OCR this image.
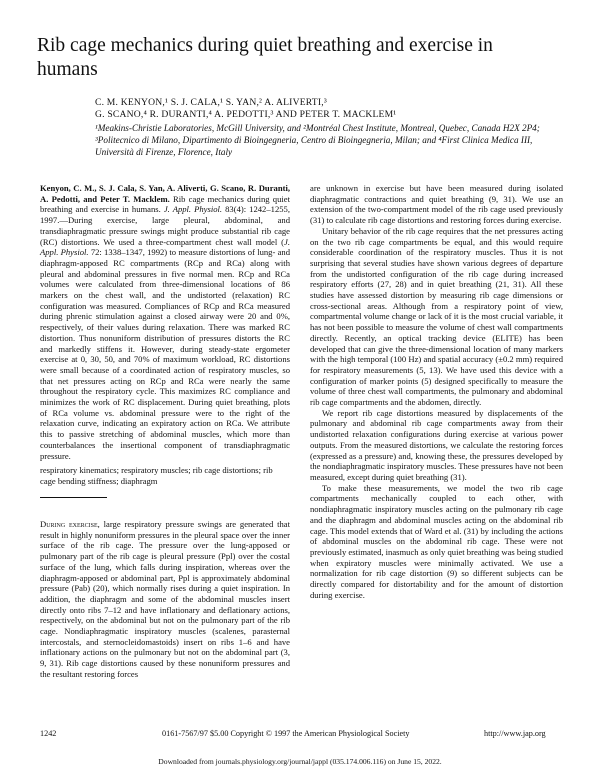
Rib cage mechanics during quiet breathing and exercise in humans
C. M. KENYON,¹ S. J. CALA,¹ S. YAN,² A. ALIVERTI,³
G. SCANO,⁴ R. DURANTI,⁴ A. PEDOTTI,³ AND PETER T. MACKLEM¹
¹Meakins-Christie Laboratories, McGill University, and ²Montréal Chest Institute, Montreal, Quebec, Canada H2X 2P4; ³Politecnico di Milano, Dipartimento di Bioingegneria, Centro di Bioingegneria, Milan; and ⁴First Clinica Medica III, Università di Firenze, Florence, Italy

Kenyon, C. M., S. J. Cala, S. Yan, A. Aliverti, G. Scano, R. Duranti, A. Pedotti, and Peter T. Macklem. Rib cage mechanics during quiet breathing and exercise in humans. J. Appl. Physiol. 83(4): 1242–1255, 1997.—During exercise, large pleural, abdominal, and transdiaphragmatic pressure swings might produce substantial rib cage (RC) distortions. We used a three-compartment chest wall model (J. Appl. Physiol. 72: 1338–1347, 1992) to measure distortions of lung- and diaphragm-apposed RC compartments (RCp and RCa) along with pleural and abdominal pressures in five normal men. RCp and RCa volumes were calculated from three-dimensional locations of 86 markers on the chest wall, and the undistorted (relaxation) RC configuration was measured. Compliances of RCp and RCa measured during phrenic stimulation against a closed airway were 20 and 0%, respectively, of their values during relaxation. There was marked RC distortion. Thus nonuniform distribution of pressures distorts the RC and markedly stiffens it. However, during steady-state ergometer exercise at 0, 30, 50, and 70% of maximum workload, RC distortions were small because of a coordinated action of respiratory muscles, so that net pressures acting on RCp and RCa were nearly the same throughout the respiratory cycle. This maximizes RC compliance and minimizes the work of RC displacement. During quiet breathing, plots of RCa volume vs. abdominal pressure were to the right of the relaxation curve, indicating an expiratory action on RCa. We attribute this to passive stretching of abdominal muscles, which more than counterbalances the insertional component of transdiaphragmatic pressure.

respiratory kinematics; respiratory muscles; rib cage distortions; rib cage bending stiffness; diaphragm

During exercise, large respiratory pressure swings are generated that result in highly nonuniform pressures in the pleural space over the inner surface of the rib cage. The pressure over the lung-apposed or pulmonary part of the rib cage is pleural pressure (Ppl) over the costal surface of the lung, which falls during inspiration, whereas over the diaphragm-apposed or abdominal part, Ppl is approximately abdominal pressure (Pab) (20), which normally rises during a quiet inspiration. In addition, the diaphragm and some of the abdominal muscles insert directly onto ribs 7–12 and have inflationary and deflationary actions, respectively, on the abdominal but not on the pulmonary part of the rib cage. Nondiaphragmatic inspiratory muscles (scalenes, parasternal intercostals, and sternocleidomastoids) insert on ribs 1–6 and have inflationary actions on the pulmonary but not on the abdominal part (3, 9, 31). Rib cage distortions caused by these nonuniform pressures and the resultant restoring forces

are unknown in exercise but have been measured during isolated diaphragmatic contractions and quiet breathing (9, 31). We use an extension of the two-compartment model of the rib cage used previously (31) to calculate rib cage distortions and restoring forces during exercise.

Unitary behavior of the rib cage requires that the net pressures acting on the two rib cage compartments be equal, and this would require considerable coordination of the respiratory muscles. Thus it is not surprising that several studies have shown various degrees of departure from the undistorted configuration of the rib cage during increased respiratory efforts (27, 28) and in quiet breathing (21, 31). All these studies have assessed distortion by measuring rib cage dimensions or cross-sectional areas. Although from a respiratory point of view, compartmental volume change or lack of it is the most crucial variable, it has not been possible to measure the volume of chest wall compartments directly. Recently, an optical tracking device (ELITE) has been developed that can give the three-dimensional location of many markers with the high temporal (100 Hz) and spatial accuracy (±0.2 mm) required for respiratory measurements (5, 13). We have used this device with a configuration of marker points (5) designed specifically to measure the volume of three chest wall compartments, the pulmonary and abdominal rib cage compartments and the abdomen, directly.

We report rib cage distortions measured by displacements of the pulmonary and abdominal rib cage compartments away from their undistorted relaxation configurations during exercise at various power outputs. From the measured distortions, we calculate the restoring forces (expressed as a pressure) and, knowing these, the pressures developed by the nondiaphragmatic inspiratory muscles. These pressures have not been measured, except during quiet breathing (31).

To make these measurements, we model the two rib cage compartments mechanically coupled to each other, with nondiaphragmatic inspiratory muscles acting on the pulmonary rib cage and the diaphragm and abdominal muscles acting on the abdominal rib cage. This model extends that of Ward et al. (31) by including the actions of abdominal muscles on the abdominal rib cage. These were not previously estimated, inasmuch as only quiet breathing was being studied when expiratory muscles were minimally activated. We use a normalization for rib cage distortion (9) so different subjects can be directly compared for distortability and for the amount of distortion during exercise.

1242	0161-7567/97 $5.00 Copyright © 1997 the American Physiological Society	http://www.jap.org
Downloaded from journals.physiology.org/journal/jappl (035.174.006.116) on June 15, 2022.
